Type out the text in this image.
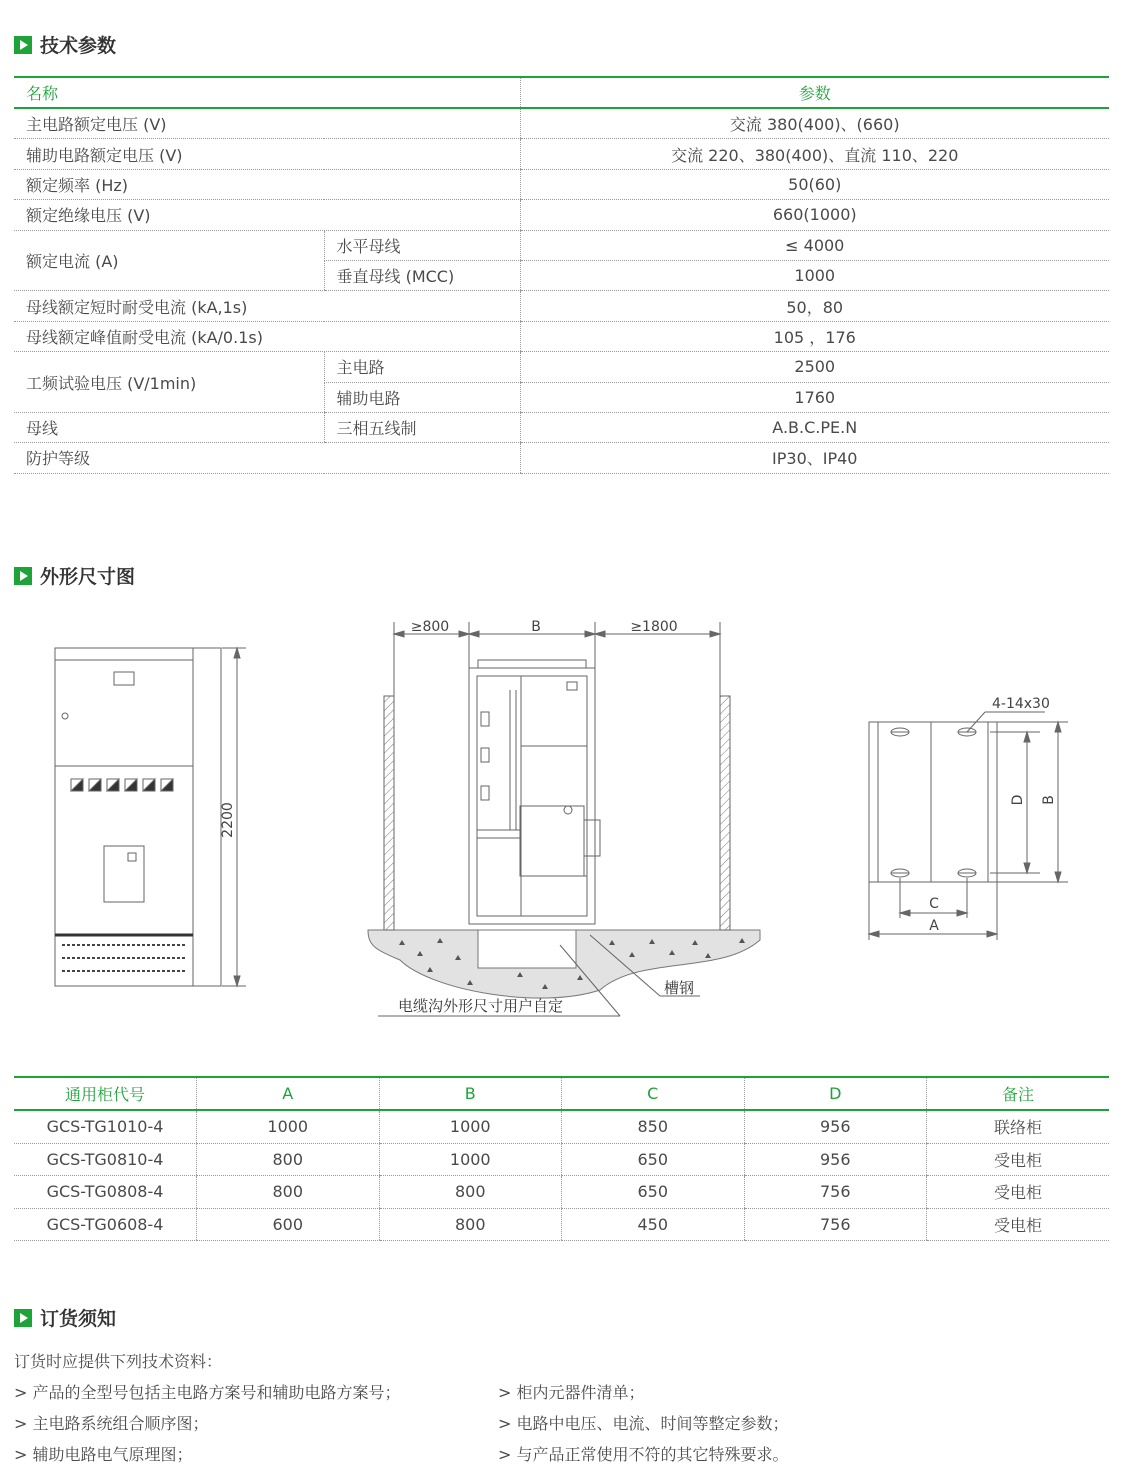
技术参数
名称		参数
主电路额定电压 (V)		交流 380(400)、(660)
辅助电路额定电压 (V)		交流 220、380(400)、直流 110、220
额定频率 (Hz)		50(60)
额定绝缘电压 (V)		660(1000)
额定电流 (A)	水平母线	≤ 4000
	垂直母线 (MCC)	1000
母线额定短时耐受电流 (kA,1s)		50，80
母线额定峰值耐受电流 (kA/0.1s)		105 ，176
工频试验电压 (V/1min)	主电路	2500
	辅助电路	1760
母线	三相五线制	A.B.C.PE.N
防护等级		IP30、IP40
外形尺寸图
2200
≥800	B	≥1800
槽钢
电缆沟外形尺寸用户自定
4-14x30
D B
C
A
通用柜代号	A	B	C	D	备注
GCS-TG1010-4	1000	1000	850	956	联络柜
GCS-TG0810-4	800	1000	650	956	受电柜
GCS-TG0808-4	800	800	650	756	受电柜
GCS-TG0608-4	600	800	450	756	受电柜
订货须知
订货时应提供下列技术资料：
> 产品的全型号包括主电路方案号和辅助电路方案号；
> 主电路系统组合顺序图；
> 辅助电路电气原理图；
> 柜内元器件清单；
> 电路中电压、电流、时间等整定参数；
> 与产品正常使用不符的其它特殊要求。
